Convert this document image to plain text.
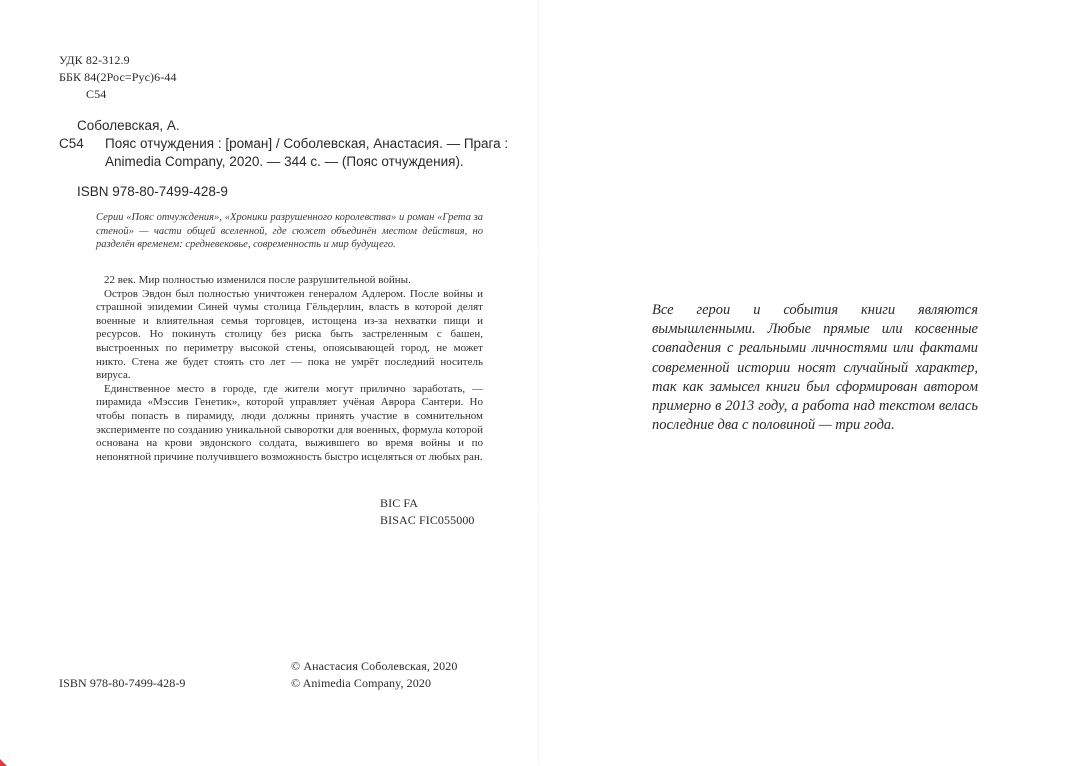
УДК 82-312.9
ББК 84(2Рос=Рус)6-44
С54
Соболевская, А.
С54 Пояс отчуждения : [роман] / Соболевская, Анастасия. — Прага :
Animedia Company, 2020. — 344 с. — (Пояс отчуждения).
ISBN 978-80-7499-428-9

Серии «Пояс отчуждения», «Хроники разрушенного королевства» и роман «Грета за стеной» — части общей вселенной, где сюжет объединён местом действия, но разделён временем: средневековье, современность и мир будущего.

22 век. Мир полностью изменился после разрушительной войны.

Остров Эвдон был полностью уничтожен генералом Адлером. После войны и страшной эпидемии Синей чумы столица Гёльдерлин, власть в которой делят военные и влиятельная семья торговцев, истощена из-за нехватки пищи и ресурсов. Но покинуть столицу без риска быть застреленным с башен, выстроенных по периметру высокой стены, опоясывающей город, не может никто. Стена же будет стоять сто лет — пока не умрёт последний носитель вируса.

Единственное место в городе, где жители могут прилично заработать, — пирамида «Мэссив Генетик», которой управляет учёная Аврора Сантери. Но чтобы попасть в пирамиду, люди должны принять участие в сомнительном эксперименте по созданию уникальной сыворотки для военных, формула которой основана на крови эвдонского солдата, выжившего во время войны и по непонятной причине получившего возможность быстро исцеляться от любых ран.

BIC FA
BISAC FIC055000
© Анастасия Соболевская, 2020
© Animedia Company, 2020
ISBN 978-80-7499-428-9

Все герои и события книги являются вымышленными. Любые прямые или косвенные совпадения с реальными личностями или фактами современной истории носят случайный характер, так как замысел книги был сформирован автором примерно в 2013 году, а работа над текстом велась последние два с половиной — три года.
